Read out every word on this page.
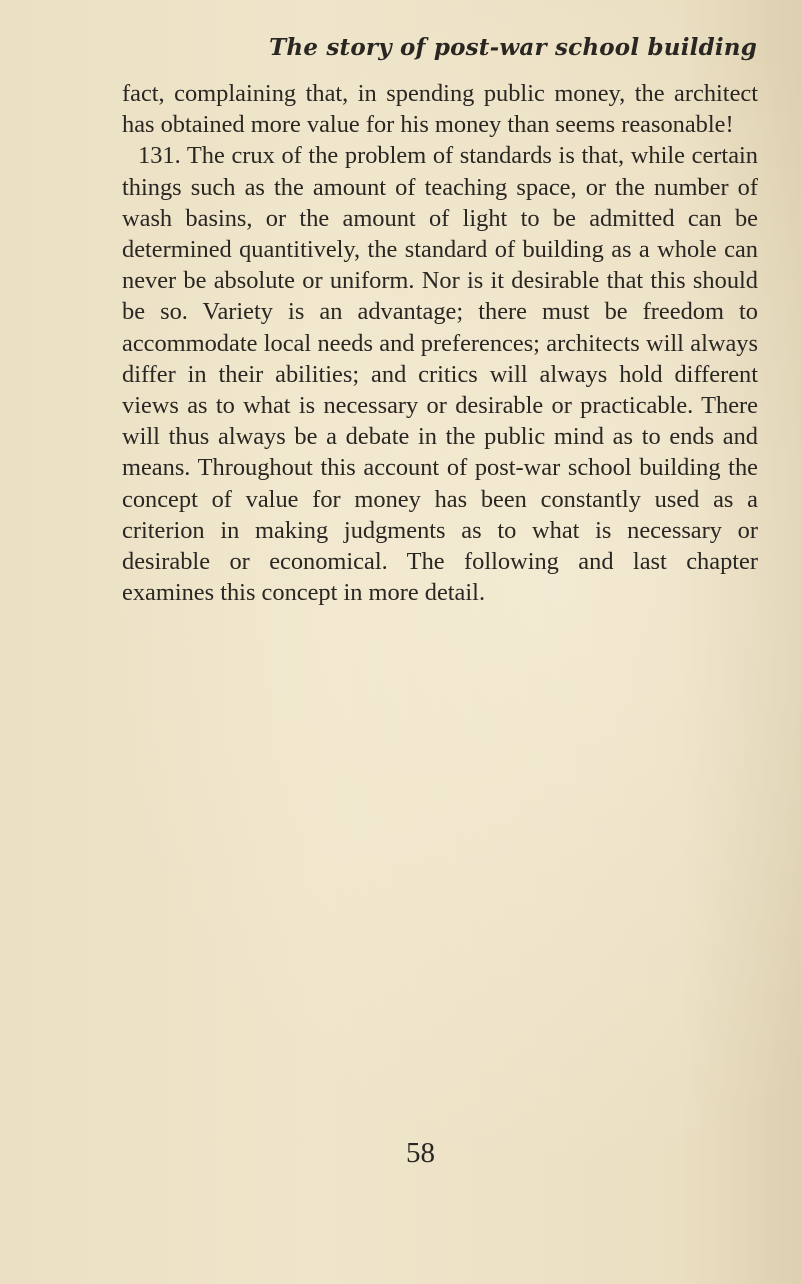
The story of post-war school building

fact, complaining that, in spending public money, the architect has obtained more value for his money than seems reasonable!

131. The crux of the problem of standards is that, while certain things such as the amount of teaching space, or the number of wash basins, or the amount of light to be admitted can be determined quantitively, the standard of building as a whole can never be absolute or uniform. Nor is it desirable that this should be so. Variety is an advantage; there must be freedom to accommodate local needs and preferences; architects will always differ in their abilities; and critics will always hold different views as to what is necessary or desirable or practicable. There will thus always be a debate in the public mind as to ends and means. Throughout this account of post-war school building the concept of value for money has been constantly used as a criterion in making judgments as to what is necessary or desirable or economical. The following and last chapter examines this concept in more detail.

58
